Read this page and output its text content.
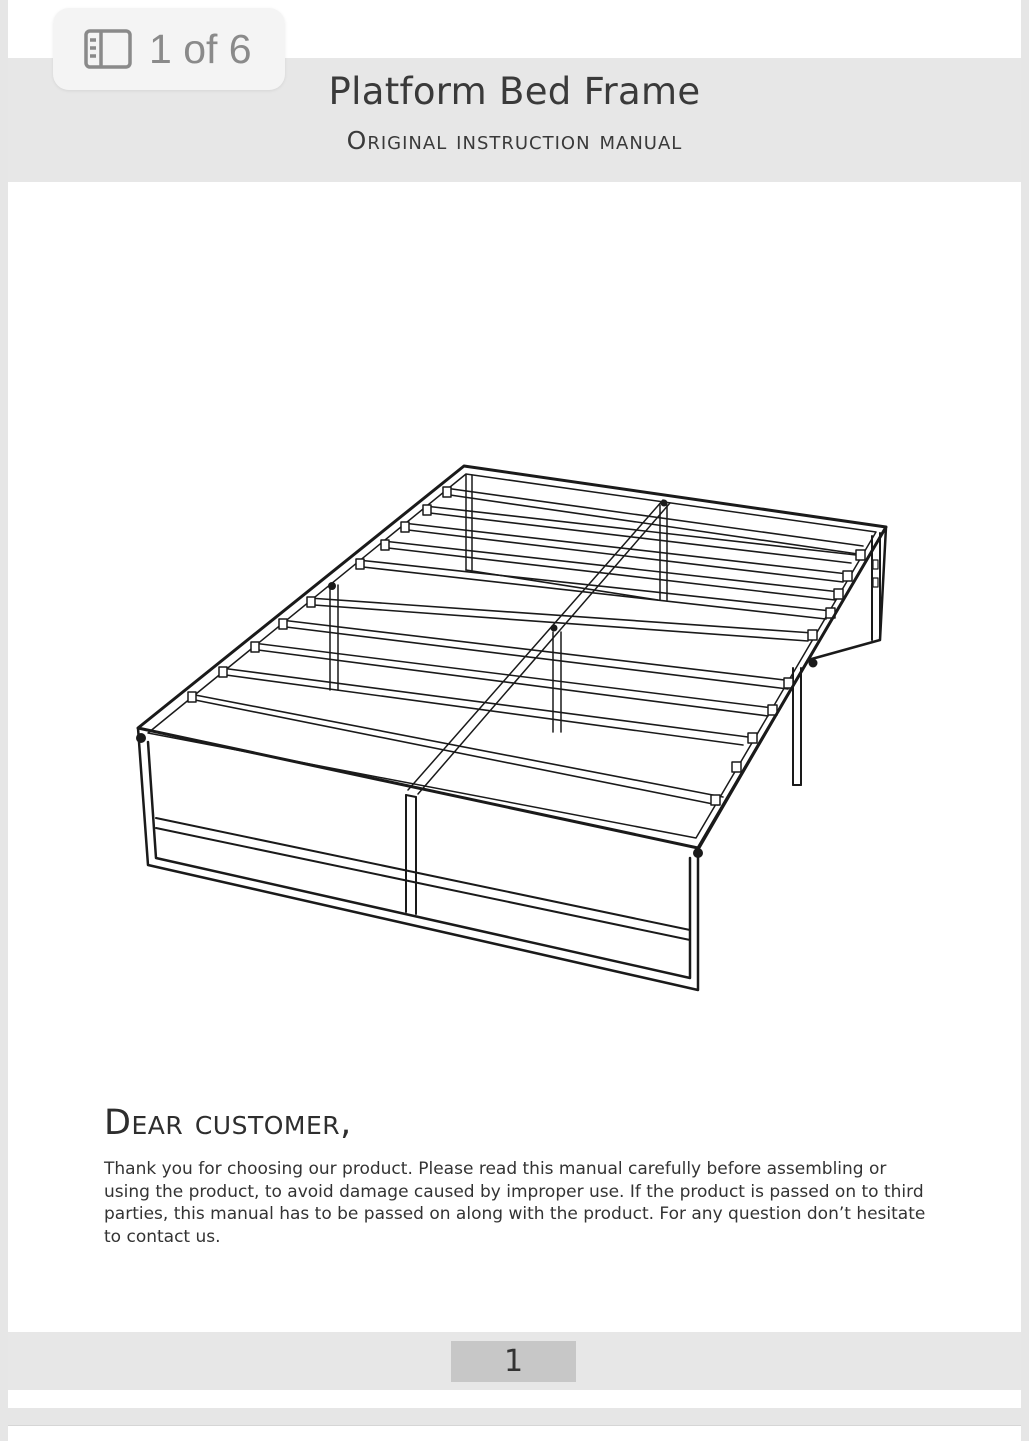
Platform Bed Frame
Original instruction manual
Dear customer,

Thank you for choosing our product. Please read this manual carefully before assembling or using the product, to avoid damage caused by improper use. If the product is passed on to third parties, this manual has to be passed on along with the product. For any question don’t hesitate to contact us.

1
1 of 6
